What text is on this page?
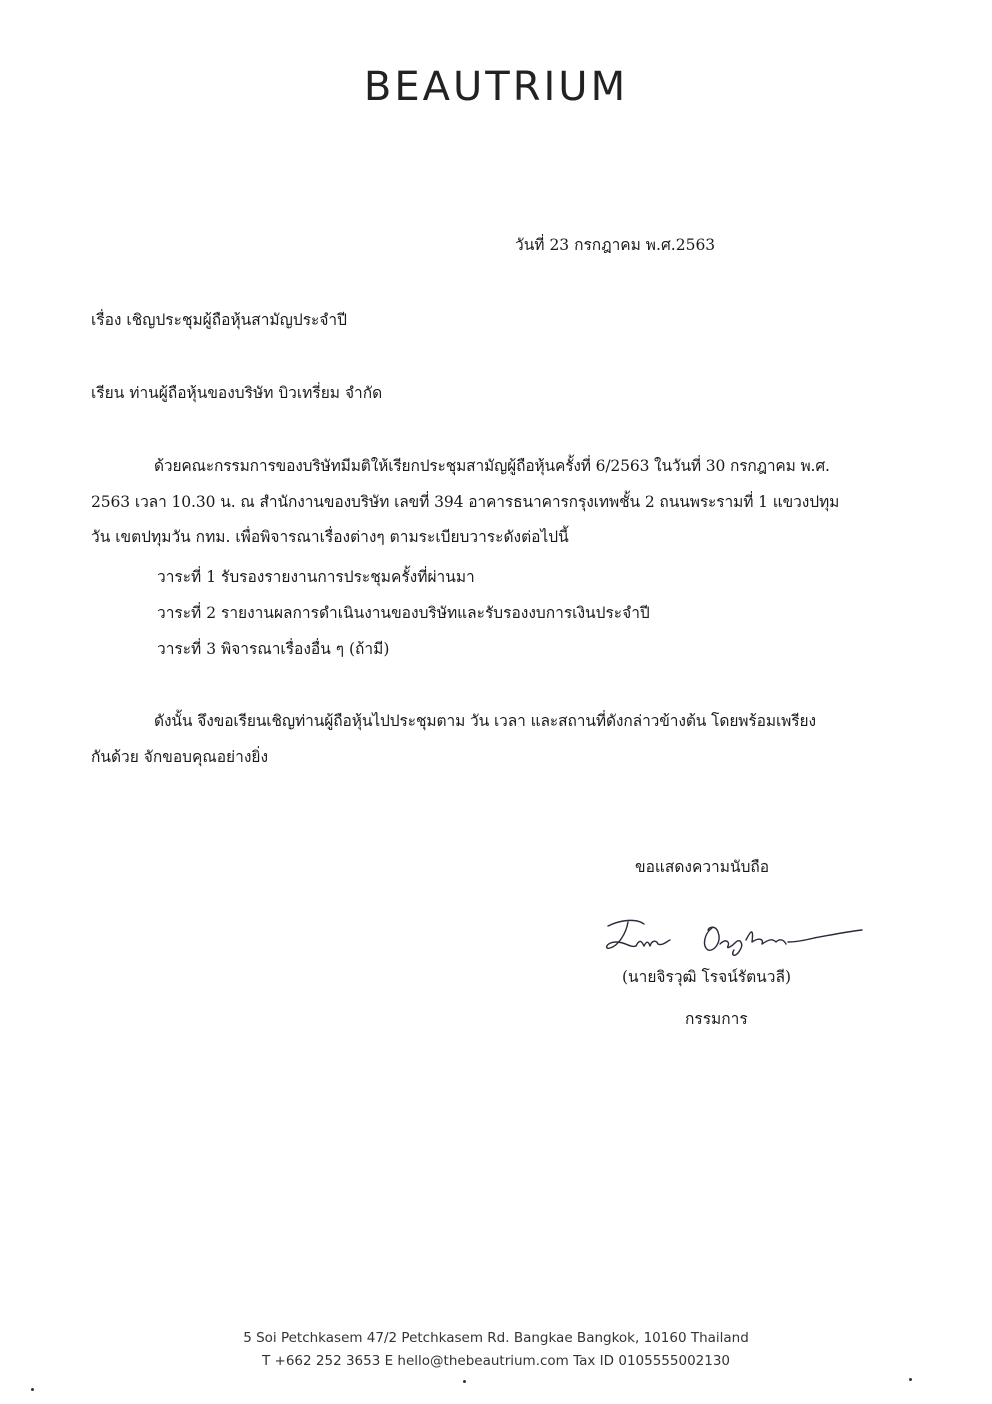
BEAUTRIUM
วันที่ 23 กรกฎาคม พ.ศ.2563
เรื่อง เชิญประชุมผู้ถือหุ้นสามัญประจำปี
เรียน ท่านผู้ถือหุ้นของบริษัท บิวเทรี่ยม จำกัด
ด้วยคณะกรรมการของบริษัทมีมติให้เรียกประชุมสามัญผู้ถือหุ้นครั้งที่ 6/2563 ในวันที่ 30 กรกฎาคม พ.ศ.
2563 เวลา 10.30 น. ณ สำนักงานของบริษัท เลขที่ 394 อาคารธนาคารกรุงเทพชั้น 2 ถนนพระรามที่ 1 แขวงปทุม
วัน เขตปทุมวัน กทม. เพื่อพิจารณาเรื่องต่างๆ ตามระเบียบวาระดังต่อไปนี้
วาระที่ 1 รับรองรายงานการประชุมครั้งที่ผ่านมา
วาระที่ 2 รายงานผลการดำเนินงานของบริษัทและรับรองงบการเงินประจำปี
วาระที่ 3 พิจารณาเรื่องอื่น ๆ (ถ้ามี)
ดังนั้น จึงขอเรียนเชิญท่านผู้ถือหุ้นไปประชุมตาม วัน เวลา และสถานที่ดังกล่าวข้างต้น โดยพร้อมเพรียง
กันด้วย จักขอบคุณอย่างยิ่ง
ขอแสดงความนับถือ
(นายจิรวุฒิ โรจน์รัตนวลี)
กรรมการ
5 Soi Petchkasem 47/2 Petchkasem Rd. Bangkae Bangkok, 10160 Thailand
T +662 252 3653 E hello@thebeautrium.com Tax ID 0105555002130
